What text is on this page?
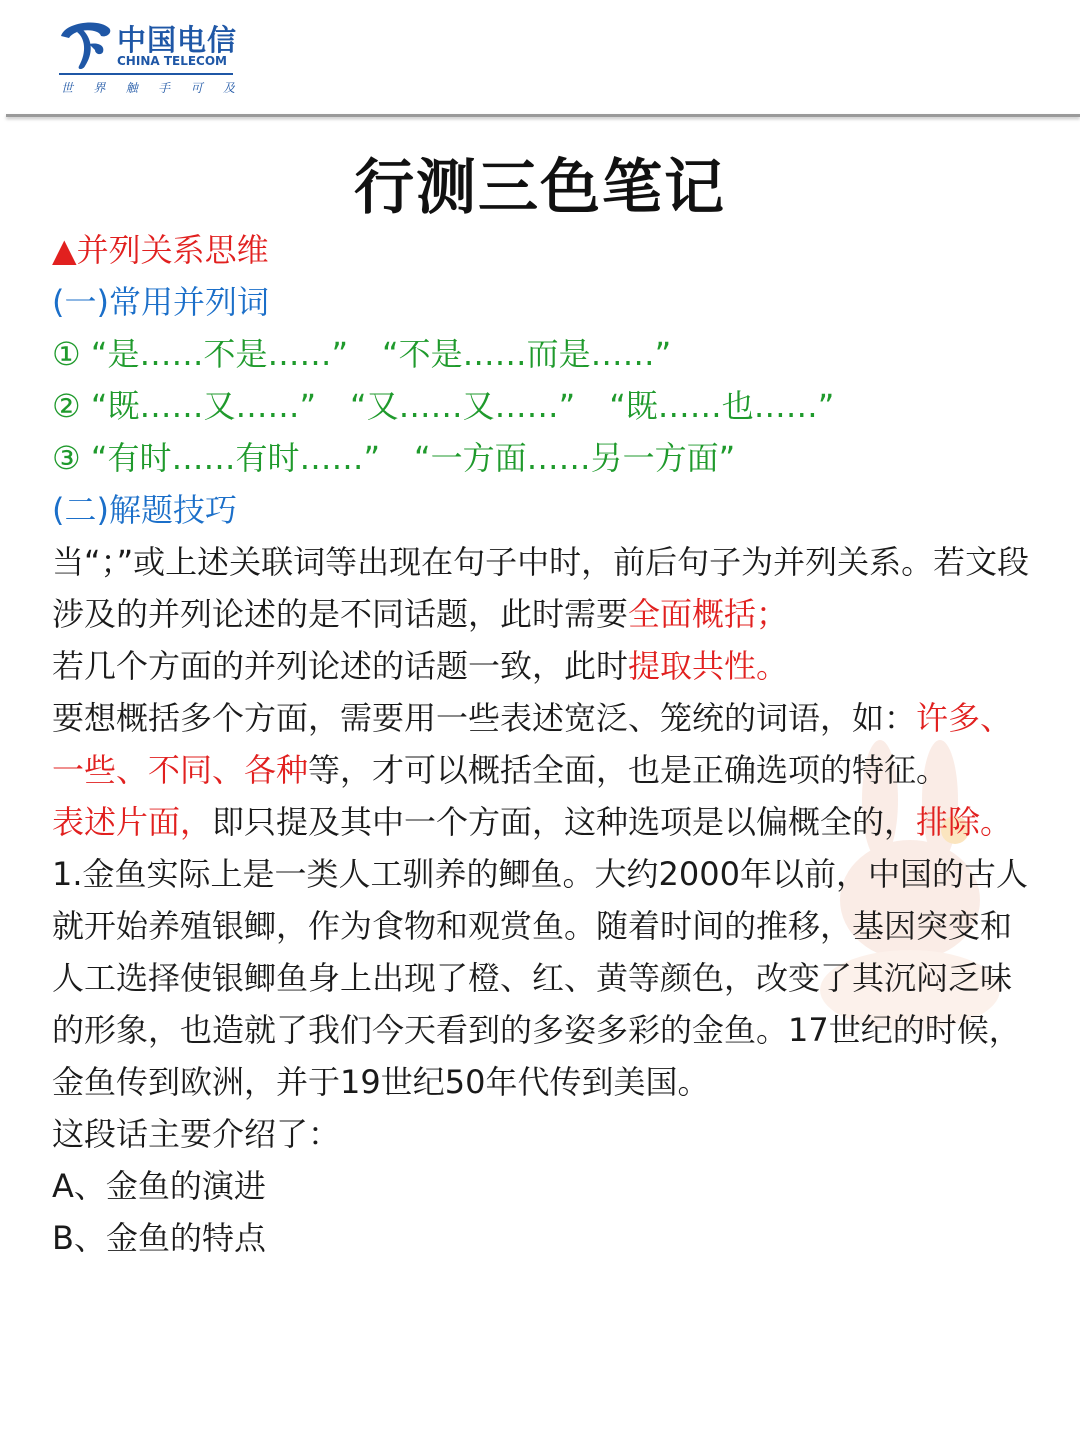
中国电信
CHINA TELECOM
世 界 触 手 可 及
行测三色笔记
▲并列关系思维
(一)常用并列词
① “是……不是……” “不是……而是……”
② “既……又……” “又……又……” “既……也……”
③ “有时……有时……” “一方面……另一方面”
(二)解题技巧
当“；”或上述关联词等出现在句子中时，前后句子为并列关系。若文段涉及的并列论述的是不同话题，此时需要全面概括；
若几个方面的并列论述的话题一致，此时提取共性。
要想概括多个方面，需要用一些表述宽泛、笼统的词语，如：许多、一些、不同、各种等，才可以概括全面，也是正确选项的特征。
表述片面，即只提及其中一个方面，这种选项是以偏概全的，排除。
1.金鱼实际上是一类人工驯养的鲫鱼。大约2000年以前，中国的古人就开始养殖银鲫，作为食物和观赏鱼。随着时间的推移，基因突变和人工选择使银鲫鱼身上出现了橙、红、黄等颜色，改变了其沉闷乏味的形象，也造就了我们今天看到的多姿多彩的金鱼。17世纪的时候，金鱼传到欧洲，并于19世纪50年代传到美国。
这段话主要介绍了：
A、金鱼的演进
B、金鱼的特点
